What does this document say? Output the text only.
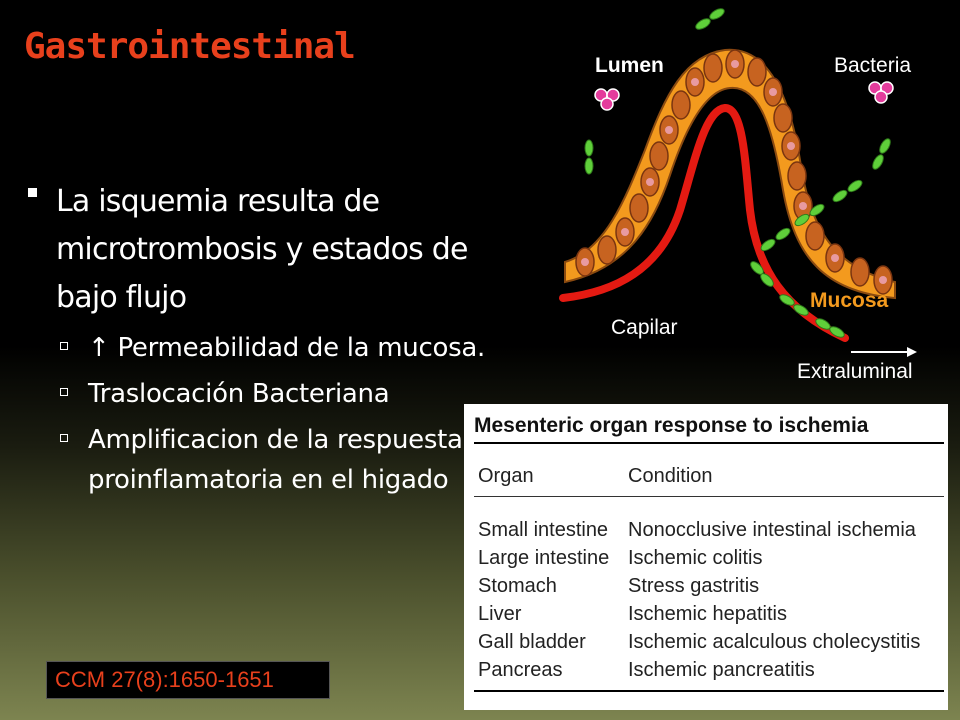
Gastrointestinal
La isquemia resulta de microtrombosis y estados de bajo flujo
↑ Permeabilidad de la mucosa.
Traslocación Bacteriana
Amplificacion de la respuesta proinflamatoria en el higado
CCM 27(8):1650-1651
Lumen	Bacteria
Mucosa
Capilar
Extraluminal
Mesenteric organ response to ischemia
Organ	Condition
Small intestine
Large intestine
Stomach
Liver
Gall bladder
Pancreas
Nonocclusive intestinal ischemia
Ischemic colitis
Stress gastritis
Ischemic hepatitis
Ischemic acalculous cholecystitis
Ischemic pancreatitis
